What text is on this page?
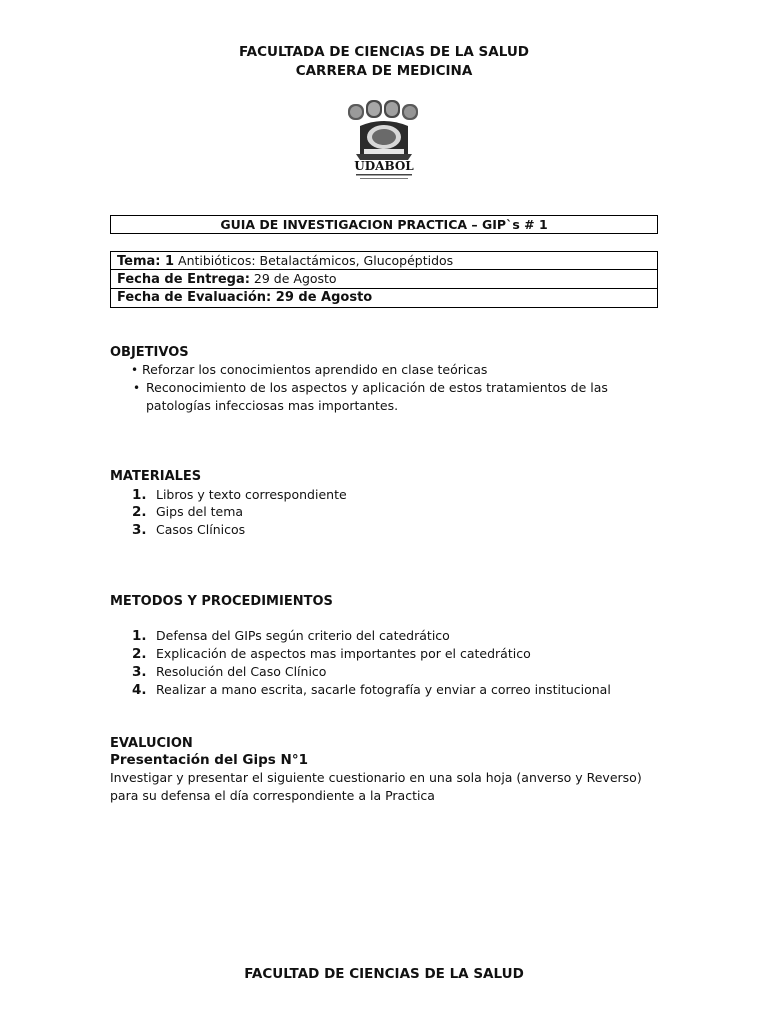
FACULTADA DE CIENCIAS DE LA SALUD
CARRERA DE MEDICINA
UDABOL
GUIA DE INVESTIGACION PRACTICA – GIP`s # 1
Tema: 1 Antibióticos: Betalactámicos, Glucopéptidos
Fecha de Entrega: 29 de Agosto
Fecha de Evaluación: 29 de Agosto
OBJETIVOS
• Reforzar los conocimientos aprendido en clase teóricas
• Reconocimiento de los aspectos y aplicación de estos tratamientos de las
patologías infecciosas mas importantes.
MATERIALES
1. Libros y texto correspondiente
2. Gips del tema
3. Casos Clínicos
METODOS Y PROCEDIMIENTOS
1. Defensa del GIPs según criterio del catedrático
2. Explicación de aspectos mas importantes por el catedrático
3. Resolución del Caso Clínico
4. Realizar a mano escrita, sacarle fotografía y enviar a correo institucional
EVALUCION
Presentación del Gips N°1
Investigar y presentar el siguiente cuestionario en una sola hoja (anverso y Reverso)
para su defensa el día correspondiente a la Practica
FACULTAD DE CIENCIAS DE LA SALUD
